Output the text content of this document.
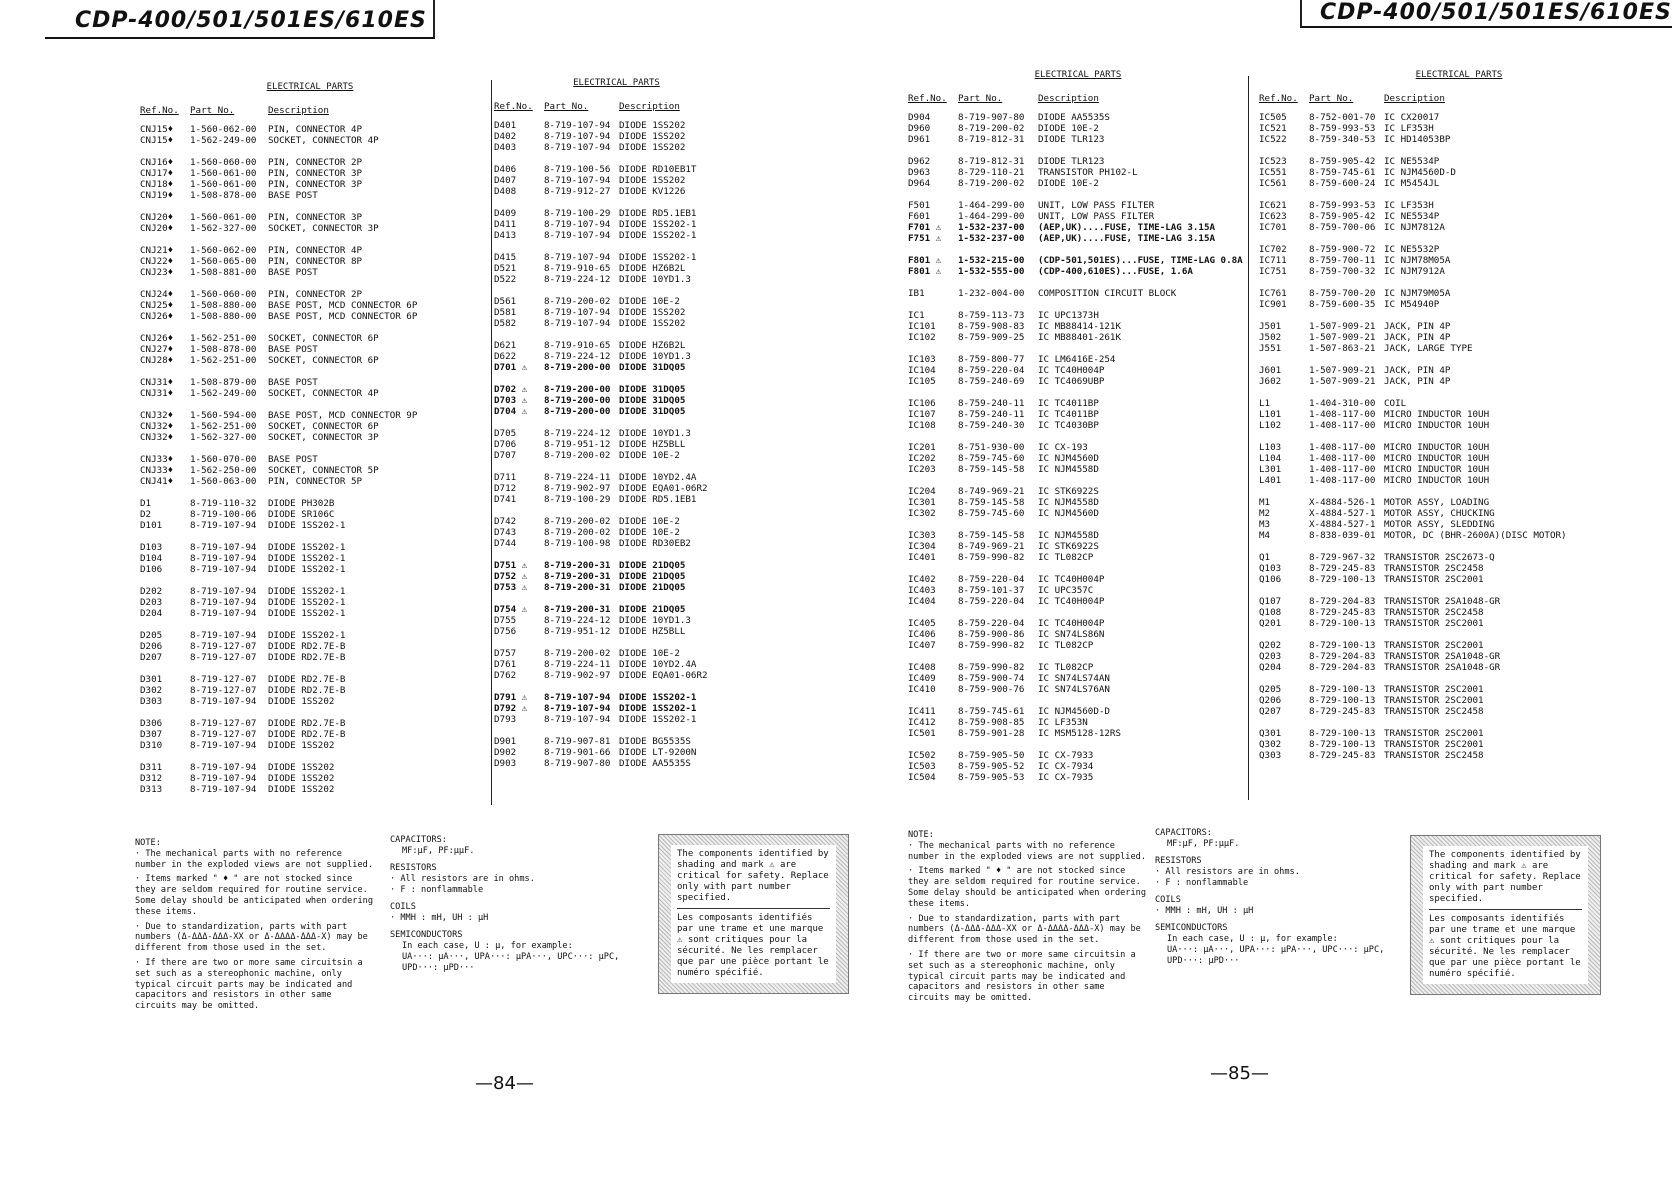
CDP-400/501/501ES/610ES	CDP-400/501/501ES/610ES
ELECTRICAL PARTS
Ref.No.	Part No.	Description
CNJ15♦	1-560-062-00	PIN, CONNECTOR 4P
CNJ15♦	1-562-249-00	SOCKET, CONNECTOR 4P
CNJ16♦	1-560-060-00	PIN, CONNECTOR 2P
CNJ17♦	1-560-061-00	PIN, CONNECTOR 3P
CNJ18♦	1-560-061-00	PIN, CONNECTOR 3P
CNJ19♦	1-508-878-00	BASE POST
CNJ20♦	1-560-061-00	PIN, CONNECTOR 3P
CNJ20♦	1-562-327-00	SOCKET, CONNECTOR 3P
CNJ21♦	1-560-062-00	PIN, CONNECTOR 4P
CNJ22♦	1-560-065-00	PIN, CONNECTOR 8P
CNJ23♦	1-508-881-00	BASE POST
CNJ24♦	1-560-060-00	PIN, CONNECTOR 2P
CNJ25♦	1-508-880-00	BASE POST, MCD CONNECTOR 6P
CNJ26♦	1-508-880-00	BASE POST, MCD CONNECTOR 6P
CNJ26♦	1-562-251-00	SOCKET, CONNECTOR 6P
CNJ27♦	1-508-878-00	BASE POST
CNJ28♦	1-562-251-00	SOCKET, CONNECTOR 6P
CNJ31♦	1-508-879-00	BASE POST
CNJ31♦	1-562-249-00	SOCKET, CONNECTOR 4P
CNJ32♦	1-560-594-00	BASE POST, MCD CONNECTOR 9P
CNJ32♦	1-562-251-00	SOCKET, CONNECTOR 6P
CNJ32♦	1-562-327-00	SOCKET, CONNECTOR 3P
CNJ33♦	1-560-070-00	BASE POST
CNJ33♦	1-562-250-00	SOCKET, CONNECTOR 5P
CNJ41♦	1-560-063-00	PIN, CONNECTOR 5P
D1	8-719-110-32	DIODE PH302B
D2	8-719-100-06	DIODE SR106C
D101	8-719-107-94	DIODE 1SS202-1
D103	8-719-107-94	DIODE 1SS202-1
D104	8-719-107-94	DIODE 1SS202-1
D106	8-719-107-94	DIODE 1SS202-1
D202	8-719-107-94	DIODE 1SS202-1
D203	8-719-107-94	DIODE 1SS202-1
D204	8-719-107-94	DIODE 1SS202-1
D205	8-719-107-94	DIODE 1SS202-1
D206	8-719-127-07	DIODE RD2.7E-B
D207	8-719-127-07	DIODE RD2.7E-B
D301	8-719-127-07	DIODE RD2.7E-B
D302	8-719-127-07	DIODE RD2.7E-B
D303	8-719-107-94	DIODE 1SS202
D306	8-719-127-07	DIODE RD2.7E-B
D307	8-719-127-07	DIODE RD2.7E-B
D310	8-719-107-94	DIODE 1SS202
D311	8-719-107-94	DIODE 1SS202
D312	8-719-107-94	DIODE 1SS202
D313	8-719-107-94	DIODE 1SS202
ELECTRICAL PARTS
Ref.No.	Part No.	Description
D401	8-719-107-94 DIODE 1SS202
D402	8-719-107-94 DIODE 1SS202
D403	8-719-107-94 DIODE 1SS202
D406	8-719-100-56 DIODE RD10EB1T
D407	8-719-107-94 DIODE 1SS202
D408	8-719-912-27 DIODE KV1226
D409	8-719-100-29 DIODE RD5.1EB1
D411	8-719-107-94 DIODE 1SS202-1
D413	8-719-107-94 DIODE 1SS202-1
D415	8-719-107-94 DIODE 1SS202-1
D521	8-719-910-65 DIODE HZ6B2L
D522	8-719-224-12 DIODE 10YD1.3
D561	8-719-200-02 DIODE 10E-2
D581	8-719-107-94 DIODE 1SS202
D582	8-719-107-94 DIODE 1SS202
D621	8-719-910-65 DIODE HZ6B2L
D622	8-719-224-12 DIODE 10YD1.3
D701 ⚠	8-719-200-00 DIODE 31DQ05
D702 ⚠	8-719-200-00 DIODE 31DQ05
D703 ⚠	8-719-200-00 DIODE 31DQ05
D704 ⚠	8-719-200-00 DIODE 31DQ05
D705	8-719-224-12 DIODE 10YD1.3
D706	8-719-951-12 DIODE HZ5BLL
D707	8-719-200-02 DIODE 10E-2
D711	8-719-224-11 DIODE 10YD2.4A
D712	8-719-902-97 DIODE EQA01-06R2
D741	8-719-100-29 DIODE RD5.1EB1
D742	8-719-200-02 DIODE 10E-2
D743	8-719-200-02 DIODE 10E-2
D744	8-719-100-98 DIODE RD30EB2
D751 ⚠	8-719-200-31 DIODE 21DQ05
D752 ⚠	8-719-200-31 DIODE 21DQ05
D753 ⚠	8-719-200-31 DIODE 21DQ05
D754 ⚠	8-719-200-31 DIODE 21DQ05
D755	8-719-224-12 DIODE 10YD1.3
D756	8-719-951-12 DIODE HZ5BLL
D757	8-719-200-02 DIODE 10E-2
D761	8-719-224-11 DIODE 10YD2.4A
D762	8-719-902-97 DIODE EQA01-06R2
D791 ⚠	8-719-107-94 DIODE 1SS202-1
D792 ⚠	8-719-107-94 DIODE 1SS202-1
D793	8-719-107-94 DIODE 1SS202-1
D901	8-719-907-81 DIODE BG5535S
D902	8-719-901-66 DIODE LT-9200N
D903	8-719-907-80 DIODE AA5535S
ELECTRICAL PARTS
Ref.No.	Part No.	Description
D904	8-719-907-80	DIODE AA5535S
D960	8-719-200-02	DIODE 10E-2
D961	8-719-812-31	DIODE TLR123
D962	8-719-812-31	DIODE TLR123
D963	8-729-110-21	TRANSISTOR PH102-L
D964	8-719-200-02	DIODE 10E-2
F501	1-464-299-00	UNIT, LOW PASS FILTER
F601	1-464-299-00	UNIT, LOW PASS FILTER
F701 ⚠	1-532-237-00	(AEP,UK)....FUSE, TIME-LAG 3.15A
F751 ⚠	1-532-237-00	(AEP,UK)....FUSE, TIME-LAG 3.15A
F801 ⚠	1-532-215-00	(CDP-501,501ES)...FUSE, TIME-LAG 0.8A
F801 ⚠	1-532-555-00	(CDP-400,610ES)...FUSE, 1.6A
IB1	1-232-004-00	COMPOSITION CIRCUIT BLOCK
IC1	8-759-113-73	IC UPC1373H
IC101	8-759-908-83	IC MB88414-121K
IC102	8-759-909-25	IC MB88401-261K
IC103	8-759-800-77	IC LM6416E-254
IC104	8-759-220-04	IC TC40H004P
IC105	8-759-240-69	IC TC4069UBP
IC106	8-759-240-11	IC TC4011BP
IC107	8-759-240-11	IC TC4011BP
IC108	8-759-240-30	IC TC4030BP
IC201	8-751-930-00	IC CX-193
IC202	8-759-745-60	IC NJM4560D
IC203	8-759-145-58	IC NJM4558D
IC204	8-749-969-21	IC STK6922S
IC301	8-759-145-58	IC NJM4558D
IC302	8-759-745-60	IC NJM4560D
IC303	8-759-145-58	IC NJM4558D
IC304	8-749-969-21	IC STK6922S
IC401	8-759-990-82	IC TL082CP
IC402	8-759-220-04	IC TC40H004P
IC403	8-759-101-37	IC UPC357C
IC404	8-759-220-04	IC TC40H004P
IC405	8-759-220-04	IC TC40H004P
IC406	8-759-900-86	IC SN74LS86N
IC407	8-759-990-82	IC TL082CP
IC408	8-759-990-82	IC TL082CP
IC409	8-759-900-74	IC SN74LS74AN
IC410	8-759-900-76	IC SN74LS76AN
IC411	8-759-745-61	IC NJM4560D-D
IC412	8-759-908-85	IC LF353N
IC501	8-759-901-28	IC MSM5128-12RS
IC502	8-759-905-50	IC CX-7933
IC503	8-759-905-52	IC CX-7934
IC504	8-759-905-53	IC CX-7935
ELECTRICAL PARTS
Ref.No.	Part No.	Description
IC505	8-752-001-70 IC CX20017
IC521	8-759-993-53 IC LF353H
IC522	8-759-340-53 IC HD14053BP
IC523	8-759-905-42 IC NE5534P
IC551	8-759-745-61 IC NJM4560D-D
IC561	8-759-600-24 IC M5454JL
IC621	8-759-993-53 IC LF353H
IC623	8-759-905-42 IC NE5534P
IC701	8-759-700-06 IC NJM7812A
IC702	8-759-900-72 IC NE5532P
IC711	8-759-700-11 IC NJM78M05A
IC751	8-759-700-32 IC NJM7912A
IC761	8-759-700-20 IC NJM79M05A
IC901	8-759-600-35 IC M54940P
J501	1-507-909-21 JACK, PIN 4P
J502	1-507-909-21 JACK, PIN 4P
J551	1-507-863-21 JACK, LARGE TYPE
J601	1-507-909-21 JACK, PIN 4P
J602	1-507-909-21 JACK, PIN 4P
L1	1-404-310-00 COIL
L101	1-408-117-00 MICRO INDUCTOR 10UH
L102	1-408-117-00 MICRO INDUCTOR 10UH
L103	1-408-117-00 MICRO INDUCTOR 10UH
L104	1-408-117-00 MICRO INDUCTOR 10UH
L301	1-408-117-00 MICRO INDUCTOR 10UH
L401	1-408-117-00 MICRO INDUCTOR 10UH
M1	X-4884-526-1 MOTOR ASSY, LOADING
M2	X-4884-527-1 MOTOR ASSY, CHUCKING
M3	X-4884-527-1 MOTOR ASSY, SLEDDING
M4	8-838-039-01 MOTOR, DC (BHR-2600A)(DISC MOTOR)
Q1	8-729-967-32 TRANSISTOR 2SC2673-Q
Q103	8-729-245-83 TRANSISTOR 2SC2458
Q106	8-729-100-13 TRANSISTOR 2SC2001
Q107	8-729-204-83 TRANSISTOR 2SA1048-GR
Q108	8-729-245-83 TRANSISTOR 2SC2458
Q201	8-729-100-13 TRANSISTOR 2SC2001
Q202	8-729-100-13 TRANSISTOR 2SC2001
Q203	8-729-204-83 TRANSISTOR 2SA1048-GR
Q204	8-729-204-83 TRANSISTOR 2SA1048-GR
Q205	8-729-100-13 TRANSISTOR 2SC2001
Q206	8-729-100-13 TRANSISTOR 2SC2001
Q207	8-729-245-83 TRANSISTOR 2SC2458
Q301	8-729-100-13 TRANSISTOR 2SC2001
Q302	8-729-100-13 TRANSISTOR 2SC2001
Q303	8-729-245-83 TRANSISTOR 2SC2458
NOTE:

· The mechanical parts with no reference number in the exploded views are not supplied.

· Items marked " ♦ " are not stocked since they are seldom required for routine service. Some delay should be anticipated when ordering these items.

· Due to standardization, parts with part numbers (Δ-ΔΔΔ-ΔΔΔ-XX or Δ-ΔΔΔΔ-ΔΔΔ-X) may be different from those used in the set.

· If there are two or more same circuitsin a set such as a stereophonic machine, only typical circuit parts may be indicated and capacitors and resistors in other same circuits may be omitted.

CAPACITORS:
MF:μF, PF:μμF.
RESISTORS
· All resistors are in ohms.
· F : nonflammable
COILS
· MMH : mH, UH : μH
SEMICONDUCTORS
In each case, U : μ, for example:
UA···: μA···, UPA···: μPA···, UPC···: μPC,
UPD···: μPD···
The components identified by shading and mark ⚠ are critical for safety. Replace only with part number specified.
Les composants identifiés par une trame et une marque ⚠ sont critiques pour la sécurité. Ne les remplacer que par une pièce portant le numéro spécifié.
NOTE:

· The mechanical parts with no reference number in the exploded views are not supplied.

· Items marked " ♦ " are not stocked since they are seldom required for routine service. Some delay should be anticipated when ordering these items.

· Due to standardization, parts with part numbers (Δ-ΔΔΔ-ΔΔΔ-XX or Δ-ΔΔΔΔ-ΔΔΔ-X) may be different from those used in the set.

· If there are two or more same circuitsin a set such as a stereophonic machine, only typical circuit parts may be indicated and capacitors and resistors in other same circuits may be omitted.

CAPACITORS:
MF:μF, PF:μμF.
RESISTORS
· All resistors are in ohms.
· F : nonflammable
COILS
· MMH : mH, UH : μH
SEMICONDUCTORS
In each case, U : μ, for example:
UA···: μA···, UPA···: μPA···, UPC···: μPC,
UPD···: μPD···
The components identified by shading and mark ⚠ are critical for safety. Replace only with part number specified.
Les composants identifiés par une trame et une marque ⚠ sont critiques pour la sécurité. Ne les remplacer que par une pièce portant le numéro spécifié.
—84—	—85—
